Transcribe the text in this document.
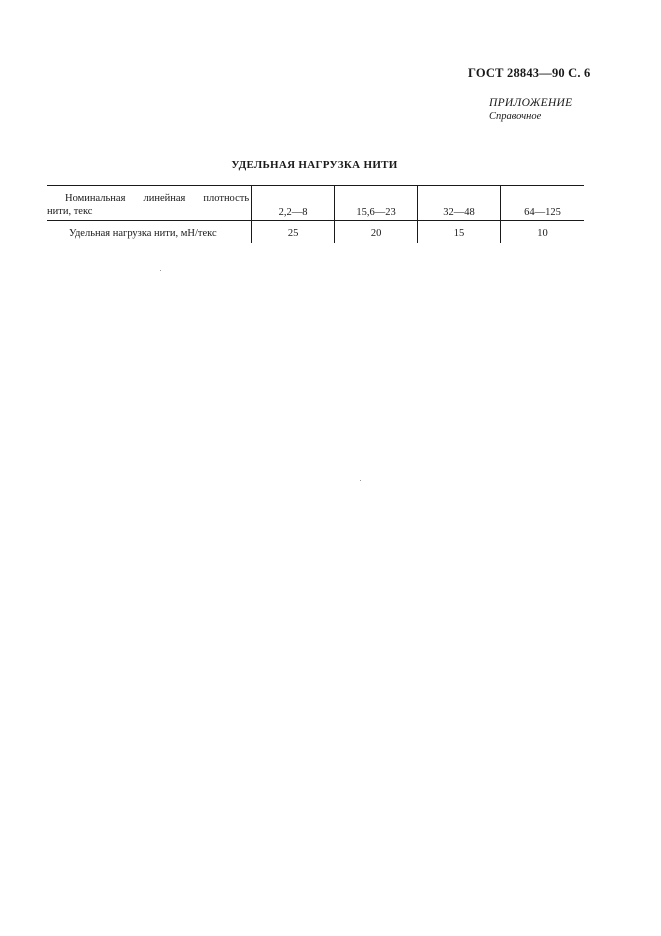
ГОСТ 28843—90 С. 6
ПРИЛОЖЕНИЕ
Справочное
УДЕЛЬНАЯ НАГРУЗКА НИТИ
Номинальная линейная плотность
нити, текс	2,2—8	15,6—23	32—48	64—125
Удельная нагрузка нити, мН/текс	25	20	15	10
